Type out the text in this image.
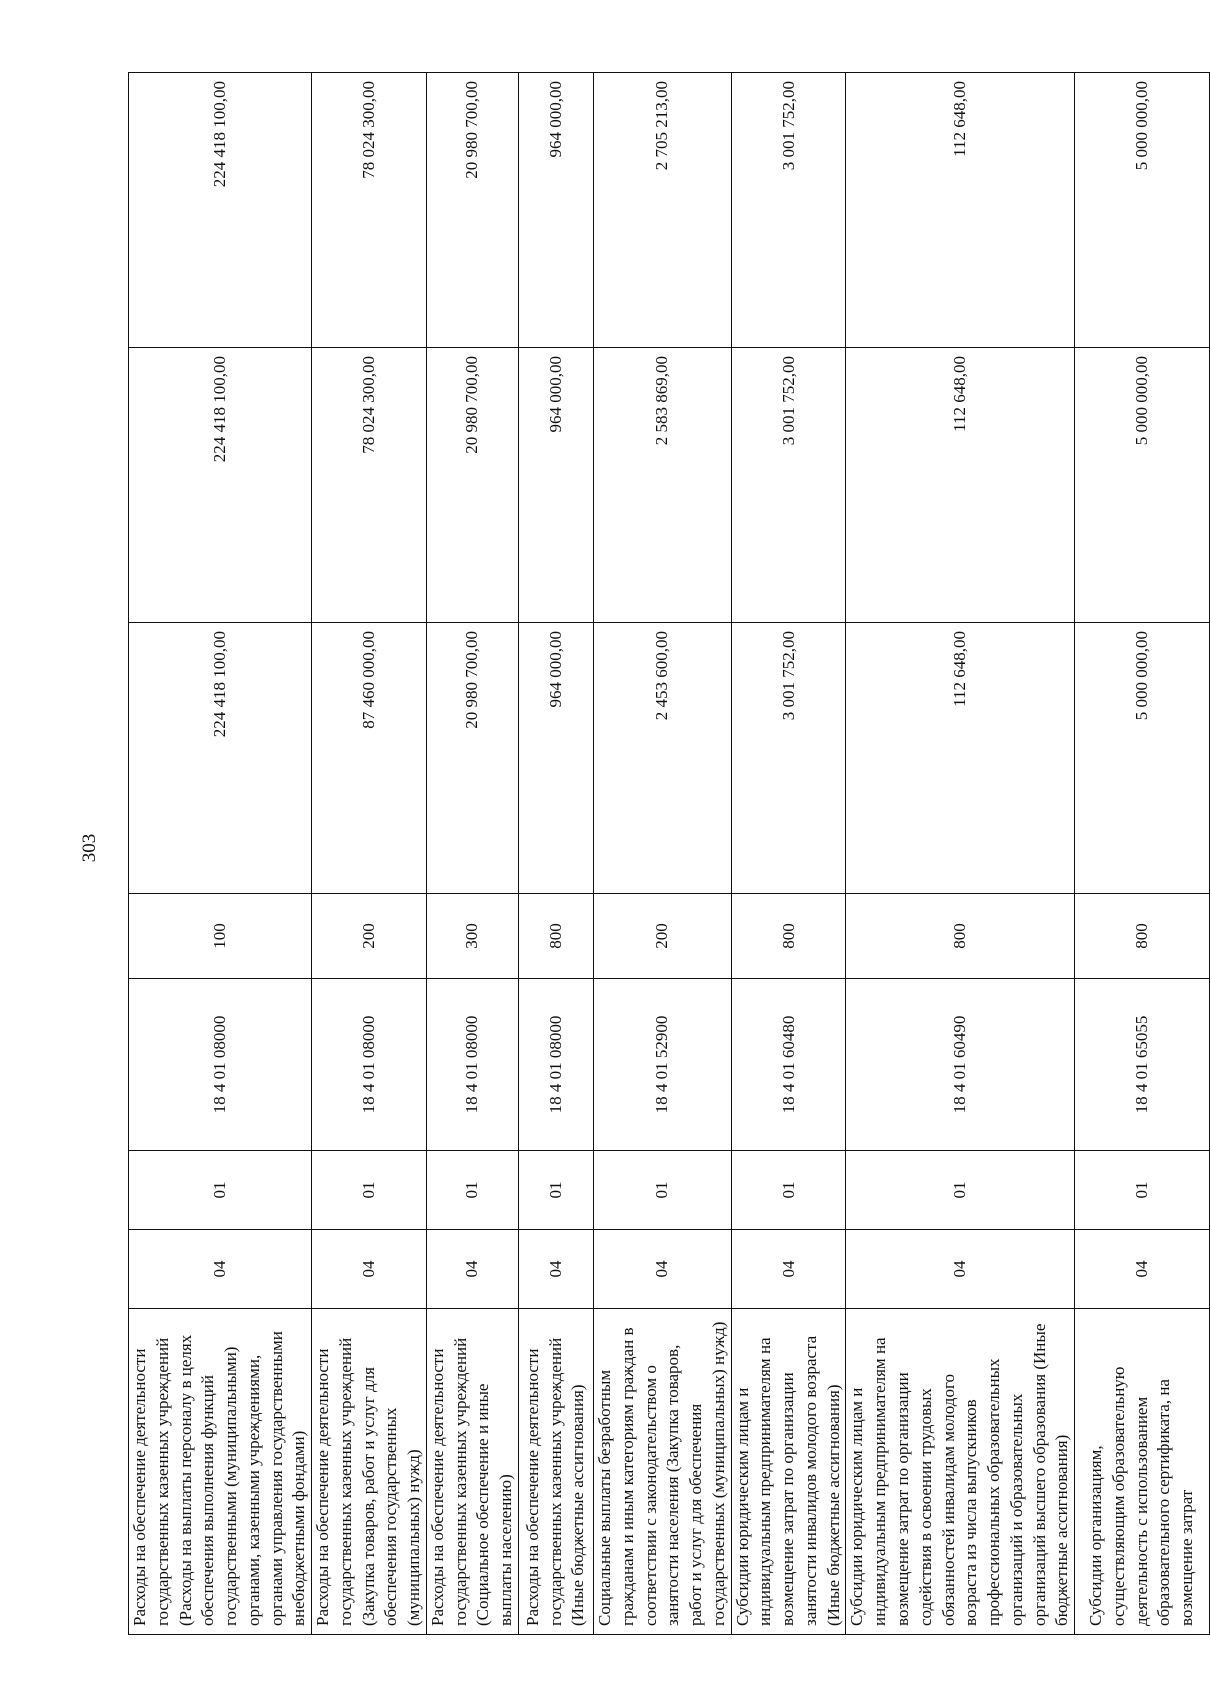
303
Расходы на обеспечение деятельности государственных казенных учреждений (Расходы на выплаты персоналу в целях обеспечения выполнения функций государственными (муниципальными) органами, казенными учреждениями, органами управления государственными внебюджетными фондами)	04	01	18 4 01 08000	100	224 418 100,00	224 418 100,00	224 418 100,00
Расходы на обеспечение деятельности государственных казенных учреждений (Закупка товаров, работ и услуг для обеспечения государственных (муниципальных) нужд)	04	01	18 4 01 08000	200	87 460 000,00	78 024 300,00	78 024 300,00
Расходы на обеспечение деятельности государственных казенных учреждений (Социальное обеспечение и иные выплаты населению)	04	01	18 4 01 08000	300	20 980 700,00	20 980 700,00	20 980 700,00
Расходы на обеспечение деятельности государственных казенных учреждений (Иные бюджетные ассигнования)	04	01	18 4 01 08000	800	964 000,00	964 000,00	964 000,00
Социальные выплаты безработным гражданам и иным категориям граждан в соответствии с законодательством о занятости населения (Закупка товаров, работ и услуг для обеспечения государственных (муниципальных) нужд)	04	01	18 4 01 52900	200	2 453 600,00	2 583 869,00	2 705 213,00
Субсидии юридическим лицам и индивидуальным предпринимателям на возмещение затрат по организации занятости инвалидов молодого возраста (Иные бюджетные ассигнования)	04	01	18 4 01 60480	800	3 001 752,00	3 001 752,00	3 001 752,00
Субсидии юридическим лицам и индивидуальным предпринимателям на возмещение затрат по организации содействия в освоении трудовых обязанностей инвалидам молодого возраста из числа выпускников профессиональных образовательных организаций и образовательных организаций высшего образования (Иные бюджетные ассигнования)	04	01	18 4 01 60490	800	112 648,00	112 648,00	112 648,00
Субсидии организациям, осуществляющим образовательную деятельность с использованием образовательного сертификата, на возмещение затрат	04	01	18 4 01 65055	800	5 000 000,00	5 000 000,00	5 000 000,00
